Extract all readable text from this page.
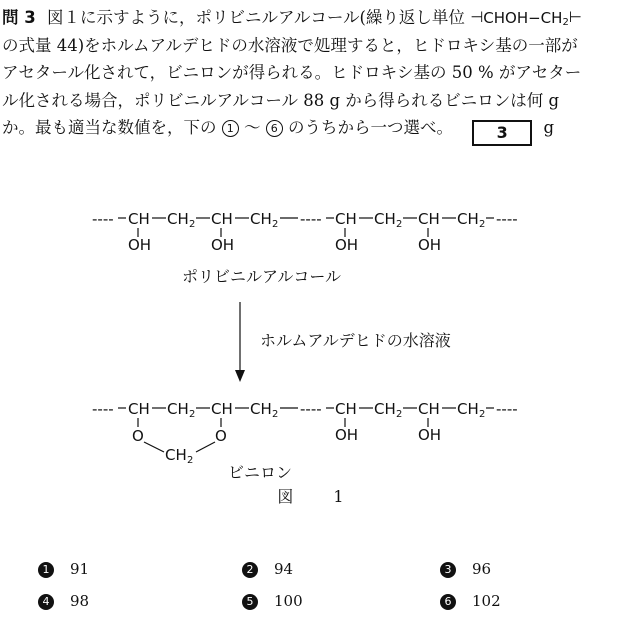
問 3 図１に示すように，ポリビニルアルコール(繰り返し単位 $⊣CHOH-CH_2⊢$
の式量 44)をホルムアルデヒドの水溶液で処理すると，ヒドロキシ基の一部が
アセタール化されて，ビニロンが得られる。ヒドロキシ基の 50 % がアセター
ル化される場合，ポリビニルアルコール 88 g から得られるビニロンは何 g
か。最も適当な数値を，下の 1 ～ 6 のうちから一つ選べ。	3 g
---- CH CH 2 CH CH 2 ---- CH CH 2 CH CH 2 ----
OH	OH	OH	OH
ポリビニルアルコール
ホルムアルデヒドの水溶液
---- CH CH 2 CH CH 2 ---- CH CH 2 CH CH 2 ----
O	O
CH 2
OH	OH
ビニロン
図　1
1 91	2 94	3 96
4 98	5 100	6 102
